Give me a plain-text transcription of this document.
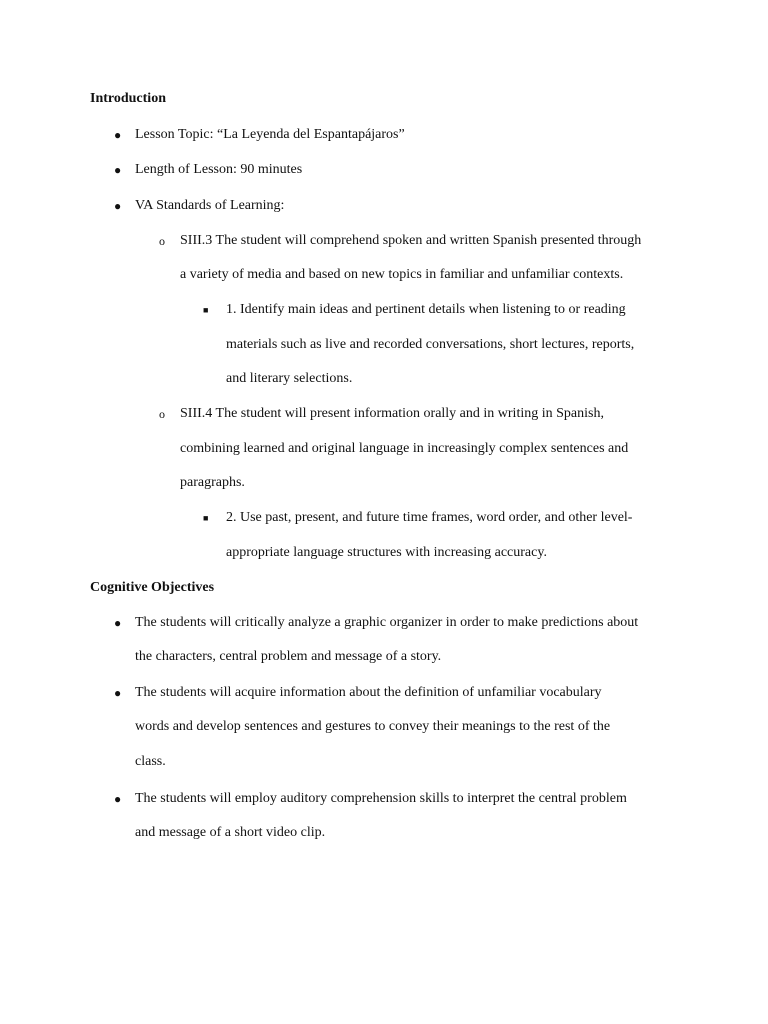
Introduction
● Lesson Topic: “La Leyenda del Espantapájaros”
● Length of Lesson: 90 minutes
● VA Standards of Learning:
o SIII.3 The student will comprehend spoken and written Spanish presented through
a variety of media and based on new topics in familiar and unfamiliar contexts.
■ 1. Identify main ideas and pertinent details when listening to or reading
materials such as live and recorded conversations, short lectures, reports,
and literary selections.
o SIII.4 The student will present information orally and in writing in Spanish,
combining learned and original language in increasingly complex sentences and
paragraphs.
■ 2. Use past, present, and future time frames, word order, and other level-
appropriate language structures with increasing accuracy.
Cognitive Objectives
● The students will critically analyze a graphic organizer in order to make predictions about
the characters, central problem and message of a story.
● The students will acquire information about the definition of unfamiliar vocabulary
words and develop sentences and gestures to convey their meanings to the rest of the
class.
● The students will employ auditory comprehension skills to interpret the central problem
and message of a short video clip.
